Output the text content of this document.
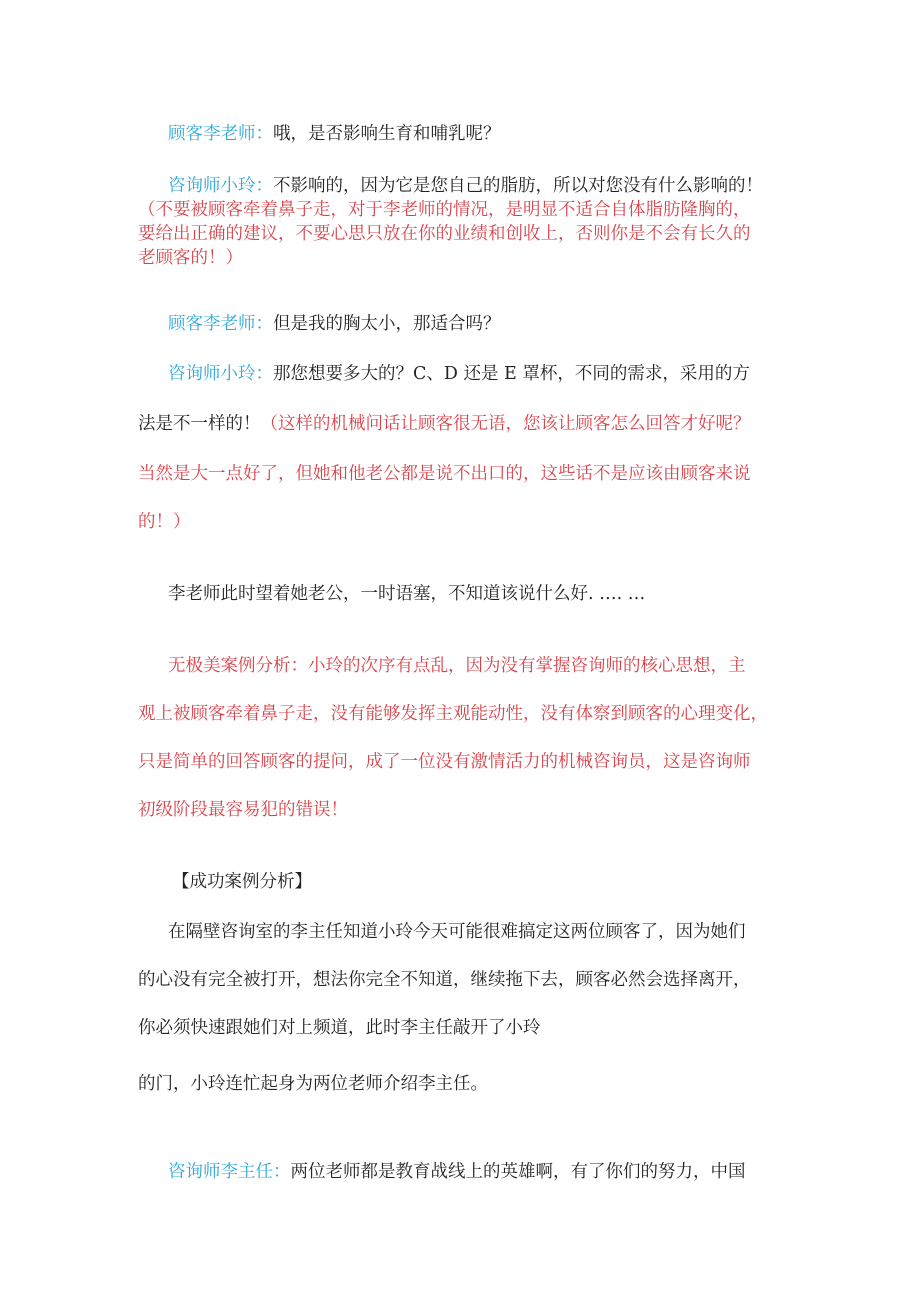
顾客李老师：哦，是否影响生育和哺乳呢？
咨询师小玲：不影响的，因为它是您自己的脂肪，所以对您没有什么影响的！
（不要被顾客牵着鼻子走，对于李老师的情况，是明显不适合自体脂肪隆胸的，
要给出正确的建议，不要心思只放在你的业绩和创收上，否则你是不会有长久的
老顾客的！）
顾客李老师：但是我的胸太小，那适合吗？
咨询师小玲：那您想要多大的？C、D 还是 E 罩杯，不同的需求，采用的方
法是不一样的！（这样的机械问话让顾客很无语，您该让顾客怎么回答才好呢？
当然是大一点好了，但她和他老公都是说不出口的，这些话不是应该由顾客来说
的！）
李老师此时望着她老公，一时语塞，不知道该说什么好. …. …
无极美案例分析：小玲的次序有点乱，因为没有掌握咨询师的核心思想，主
观上被顾客牵着鼻子走，没有能够发挥主观能动性，没有体察到顾客的心理变化，
只是简单的回答顾客的提问，成了一位没有激情活力的机械咨询员，这是咨询师
初级阶段最容易犯的错误！
【成功案例分析】
在隔壁咨询室的李主任知道小玲今天可能很难搞定这两位顾客了，因为她们
的心没有完全被打开，想法你完全不知道，继续拖下去，顾客必然会选择离开，
你必须快速跟她们对上频道，此时李主任敲开了小玲
的门，小玲连忙起身为两位老师介绍李主任。
咨询师李主任：两位老师都是教育战线上的英雄啊，有了你们的努力，中国
